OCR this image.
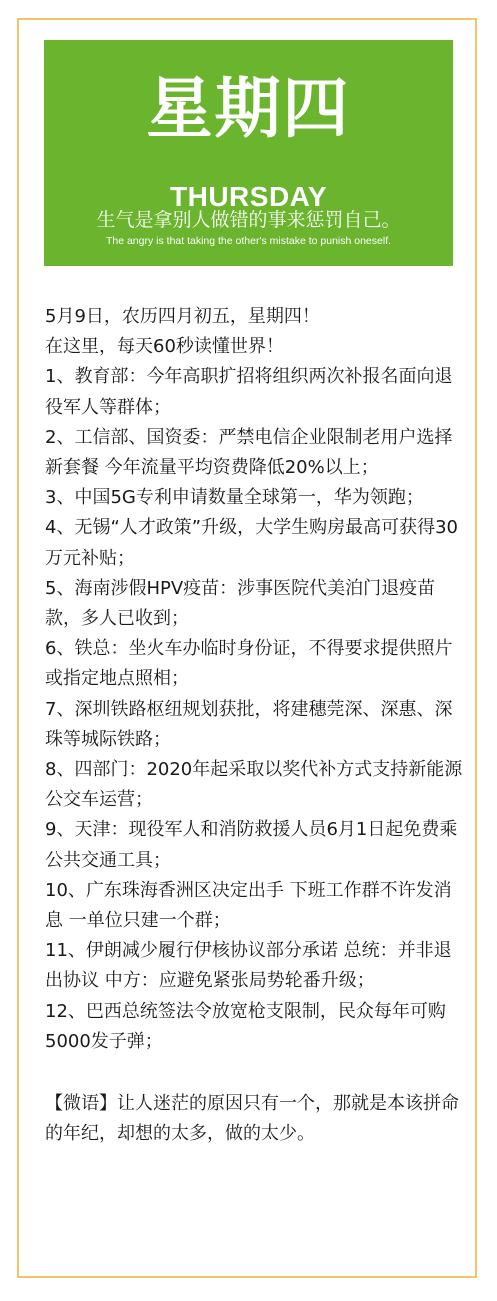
星期四
THURSDAY
生气是拿别人做错的事来惩罚自己。
The angry is that taking the other's mistake to punish oneself.

5月9日，农历四月初五，星期四！

在这里，每天60秒读懂世界！

1、教育部：今年高职扩招将组织两次补报名面向退役军人等群体；

2、工信部、国资委：严禁电信企业限制老用户选择新套餐 今年流量平均资费降低20%以上；

3、中国5G专利申请数量全球第一，华为领跑；

4、无锡“人才政策”升级，大学生购房最高可获得30万元补贴；

5、海南涉假HPV疫苗：涉事医院代美泊门退疫苗款，多人已收到；

6、铁总：坐火车办临时身份证，不得要求提供照片或指定地点照相；

7、深圳铁路枢纽规划获批，将建穗莞深、深惠、深珠等城际铁路；

8、四部门：2020年起采取以奖代补方式支持新能源公交车运营；

9、天津：现役军人和消防救援人员6月1日起免费乘公共交通工具；

10、广东珠海香洲区决定出手 下班工作群不许发消息 一单位只建一个群；

11、伊朗减少履行伊核协议部分承诺 总统：并非退出协议 中方：应避免紧张局势轮番升级；

12、巴西总统签法令放宽枪支限制，民众每年可购5000发子弹；

【微语】让人迷茫的原因只有一个，那就是本该拼命的年纪，却想的太多，做的太少。
